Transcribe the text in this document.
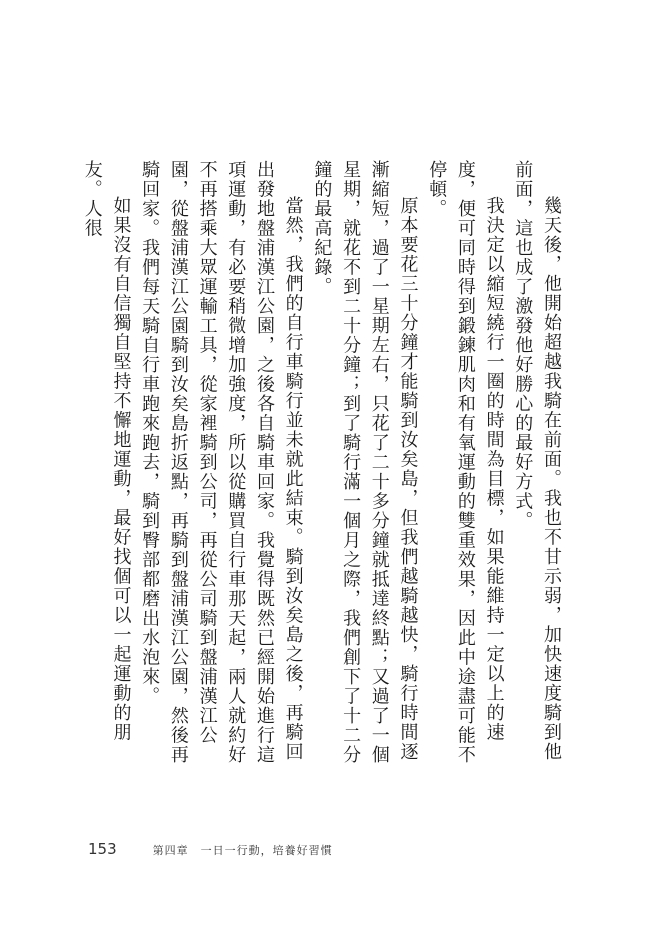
幾天後，他開始超越我騎在前面。我也不甘示弱，加快速度騎到他前面，這也成了激發他好勝心的最好方式。

我決定以縮短繞行一圈的時間為目標，如果能維持一定以上的速度，便可同時得到鍛鍊肌肉和有氧運動的雙重效果，因此中途盡可能不停頓。

原本要花三十分鐘才能騎到汝矣島，但我們越騎越快，騎行時間逐漸縮短，過了一星期左右，只花了二十多分鐘就抵達終點；又過了一個星期，就花不到二十分鐘；到了騎行滿一個月之際，我們創下了十二分鐘的最高紀錄。

當然，我們的自行車騎行並未就此結束。騎到汝矣島之後，再騎回出發地盤浦漢江公園，之後各自騎車回家。我覺得既然已經開始進行這項運動，有必要稍微增加強度，所以從購買自行車那天起，兩人就約好不再搭乘大眾運輸工具，從家裡騎到公司，再從公司騎到盤浦漢江公園，從盤浦漢江公園騎到汝矣島折返點，再騎到盤浦漢江公園，然後再騎回家。我們每天騎自行車跑來跑去，騎到臀部都磨出水泡來。

如果沒有自信獨自堅持不懈地運動，最好找個可以一起運動的朋友。人很

153	第四章　一日一行動，培養好習慣
